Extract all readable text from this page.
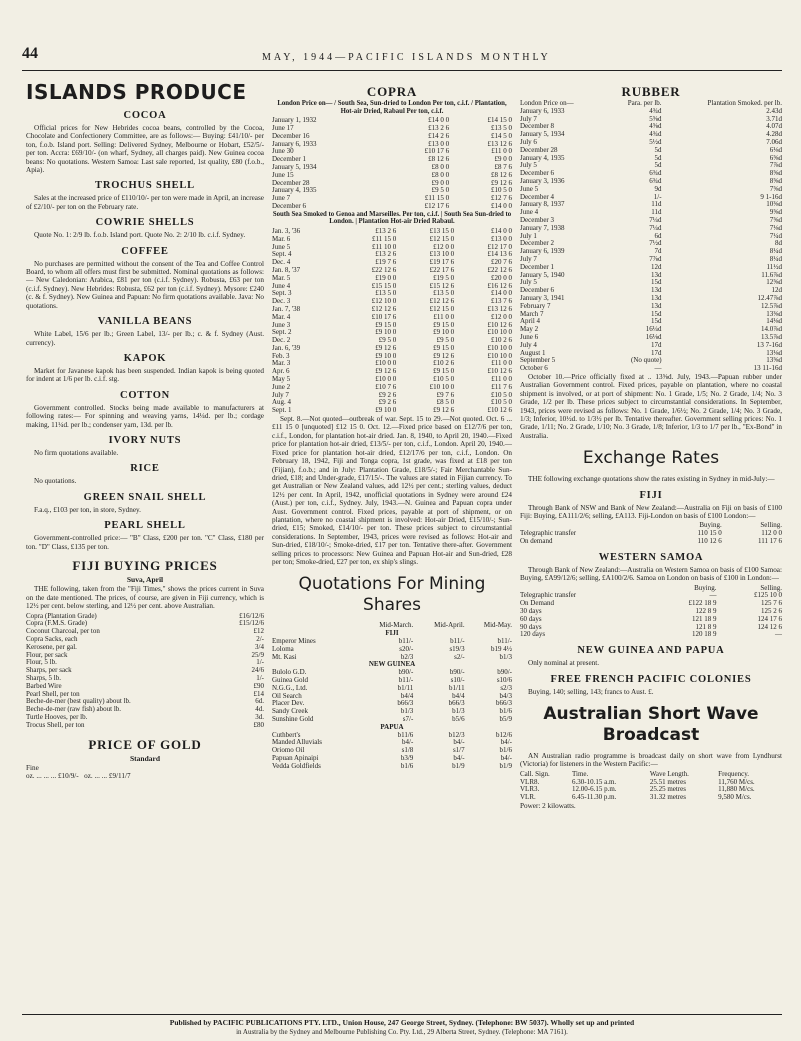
44	MAY, 1944—PACIFIC ISLANDS MONTHLY
ISLANDS PRODUCE
COCOA

Official prices for New Hebrides cocoa beans, controlled by the Cocoa, Chocolate and Confectionery Committee, are as follows:— Buying: £41/10/- per ton, f.o.b. Island port. Selling: Delivered Sydney, Melbourne or Hobart, £52/5/- per ton. Accra: £69/10/- (on wharf, Sydney, all charges paid). New Guinea cocoa beans: No quotations. Western Samoa: Last sale reported, 1st quality, £80 (f.o.b., Apia).

TROCHUS SHELL

Sales at the increased price of £110/10/- per ton were made in April, an increase of £2/10/- per ton on the February rate.

COWRIE SHELLS

Quote No. 1: 2/9 lb. f.o.b. Island port. Quote No. 2: 2/10 lb. c.i.f. Sydney.

COFFEE

No purchases are permitted without the consent of the Tea and Coffee Control Board, to whom all offers must first be submitted. Nominal quotations as follows:— New Caledonian: Arabica, £81 per ton (c.i.f. Sydney). Robusta, £63 per ton (c.i.f. Sydney). New Hebrides: Robusta, £62 per ton (c.i.f. Sydney). Mysore: £240 (c. & f. Sydney). New Guinea and Papuan: No firm quotations available. Java: No quotations.

VANILLA BEANS

White Label, 15/6 per lb.; Green Label, 13/- per lb.; c. & f. Sydney (Aust. currency).

KAPOK

Market for Javanese kapok has been suspended. Indian kapok is being quoted for indent at 1/6 per lb. c.i.f. stg.

COTTON

Government controlled. Stocks being made available to manufacturers at following rates:— For spinning and weaving yarns, 14¼d. per lb.; cordage making, 11¼d. per lb.; condenser yarn, 13d. per lb.

IVORY NUTS

No firm quotations available.

RICE

No quotations.

GREEN SNAIL SHELL

F.a.q., £103 per ton, in store, Sydney.

PEARL SHELL

Government-controlled price:— "B" Class, £200 per ton. "C" Class, £180 per ton. "D" Class, £135 per ton.

FIJI BUYING PRICES
Suva, April

THE following, taken from the "Fiji Times," shows the prices current in Suva on the date mentioned. The prices, of course, are given in Fiji currency, which is 12½ per cent. below sterling, and 12½ per cent. above Australian.

Copra (Plantation Grade)	£16/12/6
Copra (F.M.S. Grade)	£15/12/6
Coconut Charcoal, per ton	£12
Copra Sacks, each	2/-
Kerosene, per gal.	3/4
Flour, per sack	25/9
Flour, 5 lb.	1/-
Sharps, per sack	24/6
Sharps, 5 lb.	1/-
Barbed Wire	£90
Pearl Shell, per ton	£14
Beche-de-mer (best quality) about lb.	6d.
Beche-de-mer (raw fish) about lb.	4d.
Turtle Hooves, per lb.	3d.
Trocus Shell, per ton	£80
PRICE OF GOLD
Standard
Fine
oz. ... ... ... £10/9/- oz. ... ... £9/11/7
COPRA

London Price on— / South Sea, Sun-dried to London Per ton, c.i.f. / Plantation, Hot-air Dried, Rabaul Per ton, c.i.f.

January 1, 1932	£14 0 0	£14 15 0
June 17	£13 2 6	£13 5 0
December 16	£14 2 6	£14 5 0
January 6, 1933	£13 0 0	£13 12 6
June 30	£10 17 6	£11 0 0
December 1	£8 12 6	£9 0 0
January 5, 1934	£8 0 0	£8 7 6
June 15	£8 0 0	£8 12 6
December 28	£9 0 0	£9 12 6
January 4, 1935	£9 5 0	£10 5 0
June 7	£11 15 0	£12 7 6
December 6	£12 17 6	£14 0 0

South Sea Smoked to Genoa and Marseilles. Per ton, c.i.f. | South Sea Sun-dried to London. | Plantation Hot-air Dried Rabaul.

Jan. 3, '36	£13 2 6	£13 15 0	£14 0 0
Mar. 6	£11 15 0	£12 15 0	£13 0 0
June 5	£11 10 0	£12 0 0	£12 17 0
Sept. 4	£13 2 6	£13 10 0	£14 13 6
Dec. 4	£19 7 6	£19 17 6	£20 7 6
Jan. 8, '37	£22 12 6	£22 17 6	£22 12 6
Mar. 5	£19 0 0	£19 5 0	£20 0 0
June 4	£15 15 0	£15 12 6	£16 12 6
Sept. 3	£13 5 0	£13 5 0	£14 0 0
Dec. 3	£12 10 0	£12 12 6	£13 7 6
Jan. 7, '38	£12 12 6	£12 15 0	£13 12 6
Mar. 4	£10 17 6	£11 0 0	£12 0 0
June 3	£9 15 0	£9 15 0	£10 12 6
Sept. 2	£9 10 0	£9 10 0	£10 10 0
Dec. 2	£9 5 0	£9 5 0	£10 2 6
Jan. 6, '39	£9 12 6	£9 15 0	£10 10 0
Feb. 3	£9 10 0	£9 12 6	£10 10 0
Mar. 3	£10 0 0	£10 2 6	£11 0 0
Apr. 6	£9 12 6	£9 15 0	£10 12 6
May 5	£10 0 0	£10 5 0	£11 0 0
June 2	£10 7 6	£10 10 0	£11 7 6
July 7	£9 2 6	£9 7 6	£10 5 0
Aug. 4	£9 2 6	£8 5 0	£10 5 0
Sept. 1	£9 10 0	£9 12 6	£10 12 6

Sept. 8.—Not quoted—outbreak of war. Sept. 15 to 29.—Not quoted. Oct. 6 ... £11 15 0 [unquoted] £12 15 0. Oct. 12.—Fixed price based on £12/7/6 per ton, c.i.f., London, for plantation hot-air dried. Jan. 8, 1940, to April 20, 1940.—Fixed price for plantation hot-air dried, £13/5/- per ton, c.i.f., London. April 20, 1940.—Fixed price for plantation hot-air dried, £12/17/6 per ton, c.i.f., London. On February 18, 1942, Fiji and Tonga copra, 1st grade, was fixed at £18 per ton (Fijian), f.o.b.; and in July: Plantation Grade, £18/5/-; Fair Merchantable Sun-dried, £18; and Under-grade, £17/15/-. The values are stated in Fijian currency. To get Australian or New Zealand values, add 12½ per cent.; sterling values, deduct 12½ per cent. In April, 1942, unofficial quotations in Sydney were around £24 (Aust.) per ton, c.i.f., Sydney. July, 1943.—N. Guinea and Papuan copra under Aust. Government control. Fixed prices, payable at port of shipment, or on plantation, where no coastal shipment is involved: Hot-air Dried, £15/10/-; Sun-dried, £15; Smoked, £14/10/- per ton. These prices subject to circumstantial considerations. In September, 1943, prices were revised as follows: Hot-air and Sun-dried, £18/10/-; Smoke-dried, £17 per ton. Tentative there-after. Government selling prices to processors: New Guinea and Papuan Hot-air and Sun-dried, £28 per ton; Smoke-dried, £27 per ton, ex ship's slings.

Quotations For Mining Shares
	Mid-March.	Mid-April.	Mid-May.
FIJI			
Emperor Mines	b11/-	b11/-	b11/-
Loloma	s20/-	s19/3	b19 4½
Mt. Kasi	b2/3	s2/-	b1/3
NEW GUINEA			
Bulolo G.D.	b90/-	b90/-	b90/-
Guinea Gold	b11/-	s10/-	s10/6
N.G.G., Ltd.	b1/11	b1/11	s2/3
Oil Search	b4/4	b4/4	b4/3
Placer Dev.	b66/3	b66/3	b66/3
Sandy Creek	b1/3	b1/3	b1/6
Sunshine Gold	s7/-	b5/6	b5/9
PAPUA			
Cuthbert's	b11/6	b12/3	b12/6
Manded Alluvials	b4/-	b4/-	b4/-
Oriomo Oil	s1/8	s1/7	b1/6
Papuan Apinaipi	b3/9	b4/-	b4/-
Vedda Goldfields	b1/6	b1/9	b1/9
RUBBER
London Price on—	Para. per lb.	Plantation Smoked. per lb.
January 6, 1933	4¾d	2.43d
July 7	5⅝d	3.71d
December 8	4⅝d	4.07d
January 5, 1934	4¾d	4.28d
July 6	5½d	7.06d
December 28	5d	6⅛d
January 4, 1935	5d	6⅝d
July 5	5d	7⅞d
December 6	6¾d	8⅝d
January 3, 1936	6¾d	8⅝d
June 5	9d	7⅝d
December 4	1/-	9 1-16d
January 8, 1937	11d	10⅜d
June 4	11d	9⅝d
December 3	7¼d	7⅝d
January 7, 1938	7¼d	7⅛d
July 1	6d	7¼d
December 2	7½d	8d
January 6, 1939	7d	8¼d
July 7	7⅞d	8¼d
December 1	12d	11½d
January 5, 1940	13d	11.6⅞d
July 5	15d	12⅝d
December 6	13d	12d
January 3, 1941	13d	12.47⅞d
February 7	13d	12.5⅞d
March 7	15d	13⅜d
April 4	15d	14⅛d
May 2	16¼d	14.0⅞d
June 6	16⅛d	13.5⅞d
July 4	17d	13 7-16d
August 1	17d	13⅛d
September 5	(No quote)	13⅝d
October 6	—	13 11-16d

October 10.—Price officially fixed at .. 13⅝d. July, 1943.—Papuan rubber under Australian Government control. Fixed prices, payable on plantation, where no coastal shipment is involved, or at port of shipment: No. 1 Grade, 1/5; No. 2 Grade, 1/4; No. 3 Grade, 1/2 per lb. These prices subject to circumstantial considerations. In September, 1943, prices were revised as follows: No. 1 Grade, 1/6½; No. 2 Grade, 1/4; No. 3 Grade, 1/3; Inferior, 10½d. to 1/3½ per lb. Tentative thereafter. Government selling prices: No. 1 Grade, 1/11; No. 2 Grade, 1/10; No. 3 Grade, 1/8; Inferior, 1/3 to 1/7 per lb., "Ex-Bond" in Australia.

Exchange Rates

THE following exchange quotations show the rates existing in Sydney in mid-July:—

FIJI

Through Bank of NSW and Bank of New Zealand:—Australia on Fiji on basis of £100 Fiji: Buying, £A111/2/6; selling, £A113. Fiji-London on basis of £100 London:—

	Buying.	Selling.
Telegraphic transfer	110 15 0	112 0 0
On demand	110 12 6	111 17 6
WESTERN SAMOA

Through Bank of New Zealand:—Australia on Western Samoa on basis of £100 Samoa: Buying, £A99/12/6; selling, £A100/2/6. Samoa on London on basis of £100 in London:—

	Buying.	Selling.
Telegraphic transfer	—	£125 10 0
On Demand	£122 18 9	125 7 6
30 days	122 8 9	125 2 6
60 days	121 18 9	124 17 6
90 days	121 8 9	124 12 6
120 days	120 18 9	—
NEW GUINEA AND PAPUA

Only nominal at present.

FREE FRENCH PACIFIC COLONIES

Buying, 140; selling, 143; francs to Aust. £.

Australian Short Wave Broadcast

AN Australian radio programme is broadcast daily on short wave from Lyndhurst (Victoria) for listeners in the Western Pacific:—

Call. Sign.	Time.	Wave Length.	Frequency.
VLR8.	6.30-10.15 a.m.	25.51 metres	11,760 M/cs.
VLR3.	12.00-6.15 p.m.	25.25 metres	11,880 M/cs.
VLR.	6.45-11.30 p.m.	31.32 metres	9,580 M/cs.
Power: 2 kilowatts.
Published by PACIFIC PUBLICATIONS PTY. LTD., Union House, 247 George Street, Sydney. (Telephone: BW 5037). Wholly set up and printed
in Australia by the Sydney and Melbourne Publishing Co. Pty. Ltd., 29 Alberta Street, Sydney. (Telephone: MA 7161).
